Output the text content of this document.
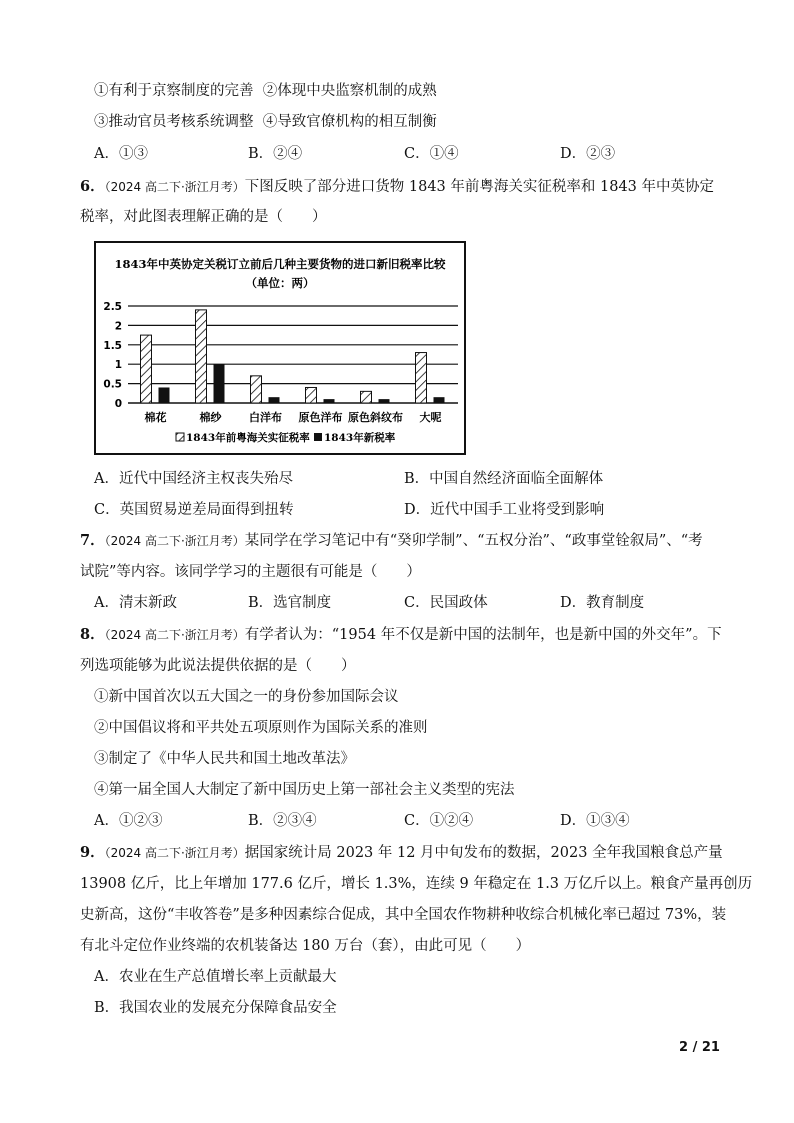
①有利于京察制度的完善 ②体现中央监察机制的成熟
③推动官员考核系统调整 ④导致官僚机构的相互制衡
A．①③	B．②④	C．①④	D．②③
6．（2024 高二下·浙江月考）下图反映了部分进口货物 1843 年前粤海关实征税率和 1843 年中英协定
税率，对此图表理解正确的是（　　）
1843年中英协定关税订立前后几种主要货物的进口新旧税率比较
（单位：两）
0
0.5
1
1.5
2
2.5
棉花	棉纱	白洋布 原色洋布 原色斜纹布 大呢
1843年前粤海关实征税率 1843年新税率
A．近代中国经济主权丧失殆尽	B．中国自然经济面临全面解体
C．英国贸易逆差局面得到扭转	D．近代中国手工业将受到影响
7．（2024 高二下·浙江月考）某同学在学习笔记中有“癸卯学制”、“五权分治”、“政事堂铨叙局”、“考
试院”等内容。该同学学习的主题很有可能是（　　）
A．清末新政	B．选官制度	C．民国政体	D．教育制度
8．（2024 高二下·浙江月考）有学者认为：“1954 年不仅是新中国的法制年，也是新中国的外交年”。下
列选项能够为此说法提供依据的是（　　）
①新中国首次以五大国之一的身份参加国际会议
②中国倡议将和平共处五项原则作为国际关系的准则
③制定了《中华人民共和国土地改革法》
④第一届全国人大制定了新中国历史上第一部社会主义类型的宪法
A．①②③	B．②③④	C．①②④	D．①③④
9．（2024 高二下·浙江月考）据国家统计局 2023 年 12 月中旬发布的数据，2023 全年我国粮食总产量
13908 亿斤，比上年增加 177.6 亿斤，增长 1.3%，连续 9 年稳定在 1.3 万亿斤以上。粮食产量再创历
史新高，这份“丰收答卷”是多种因素综合促成，其中全国农作物耕种收综合机械化率已超过 73%，装
有北斗定位作业终端的农机装备达 180 万台（套），由此可见（　　）
A．农业在生产总值增长率上贡献最大
B．我国农业的发展充分保障食品安全
2 / 21
